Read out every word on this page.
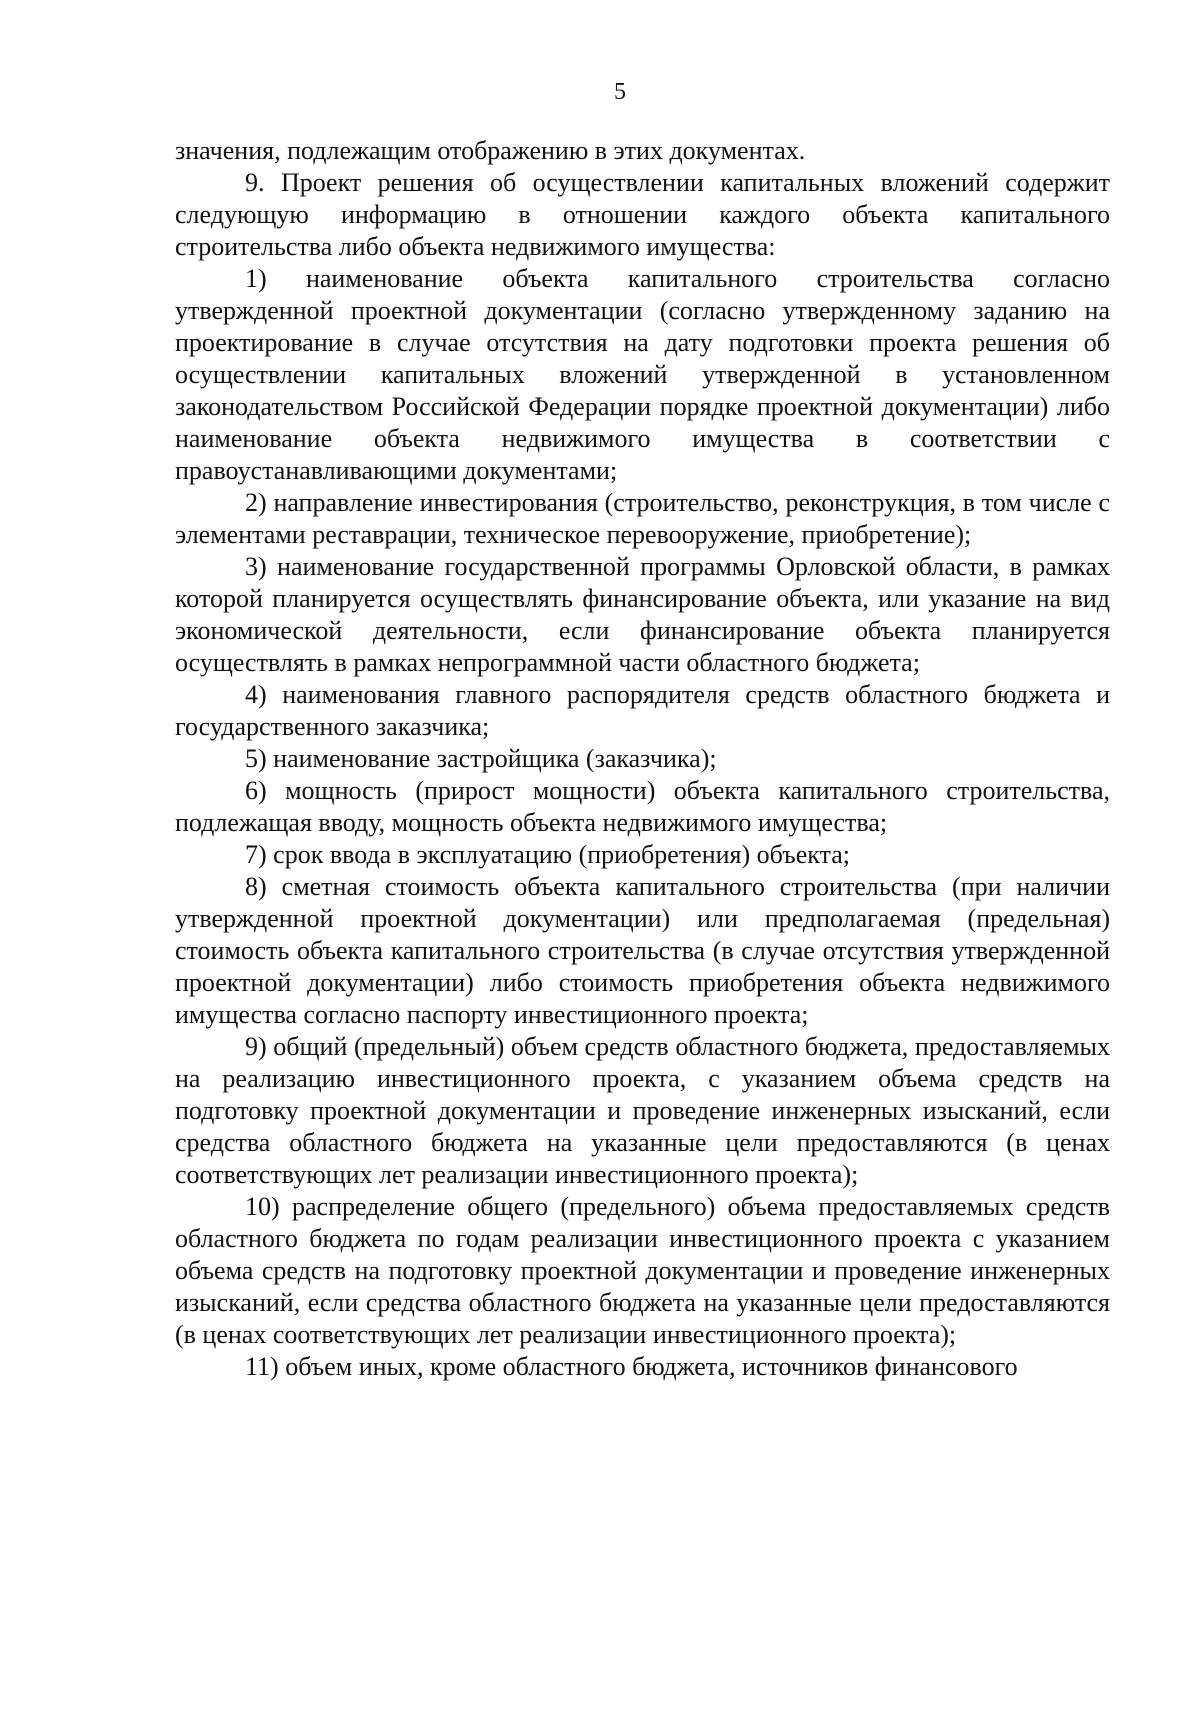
5

значения, подлежащим отображению в этих документах.

9. Проект решения об осуществлении капитальных вложений содержит следующую информацию в отношении каждого объекта капитального строительства либо объекта недвижимого имущества:

1) наименование объекта капитального строительства согласно утвержденной проектной документации (согласно утвержденному заданию на проектирование в случае отсутствия на дату подготовки проекта решения об осуществлении капитальных вложений утвержденной в установленном законодательством Российской Федерации порядке проектной документации) либо наименование объекта недвижимого имущества в соответствии с правоустанавливающими документами;

2) направление инвестирования (строительство, реконструкция, в том числе с элементами реставрации, техническое перевооружение, приобретение);

3) наименование государственной программы Орловской области, в рамках которой планируется осуществлять финансирование объекта, или указание на вид экономической деятельности, если финансирование объекта планируется осуществлять в рамках непрограммной части областного бюджета;

4) наименования главного распорядителя средств областного бюджета и государственного заказчика;

5) наименование застройщика (заказчика);

6) мощность (прирост мощности) объекта капитального строительства, подлежащая вводу, мощность объекта недвижимого имущества;

7) срок ввода в эксплуатацию (приобретения) объекта;

8) сметная стоимость объекта капитального строительства (при наличии утвержденной проектной документации) или предполагаемая (предельная) стоимость объекта капитального строительства (в случае отсутствия утвержденной проектной документации) либо стоимость приобретения объекта недвижимого имущества согласно паспорту инвестиционного проекта;

9) общий (предельный) объем средств областного бюджета, предоставляемых на реализацию инвестиционного проекта, с указанием объема средств на подготовку проектной документации и проведение инженерных изысканий, если средства областного бюджета на указанные цели предоставляются (в ценах соответствующих лет реализации инвестиционного проекта);

10) распределение общего (предельного) объема предоставляемых средств областного бюджета по годам реализации инвестиционного проекта с указанием объема средств на подготовку проектной документации и проведение инженерных изысканий, если средства областного бюджета на указанные цели предоставляются (в ценах соответствующих лет реализации инвестиционного проекта);

11) объем иных, кроме областного бюджета, источников финансового
